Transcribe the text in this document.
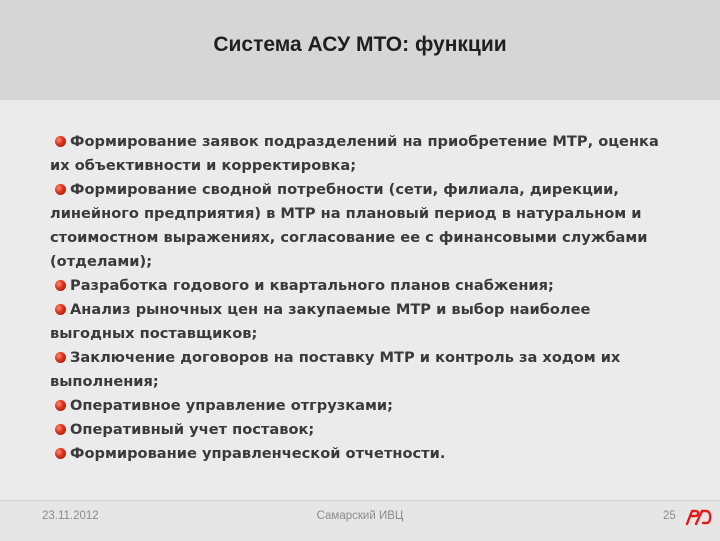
Система АСУ МТО: функции

Формирование заявок подразделений на приобретение МТР, оценка их объективности и корректировка;

Формирование сводной потребности (сети, филиала, дирекции, линейного предприятия) в МТР на плановый период в натуральном и стоимостном выражениях, согласование ее с финансовыми службами (отделами);

Разработка годового и квартального планов снабжения;

Анализ рыночных цен на закупаемые МТР и выбор наиболее выгодных поставщиков;

Заключение договоров на поставку МТР и контроль за ходом их выполнения;

Оперативное управление отгрузками;

Оперативный учет поставок;

Формирование управленческой отчетности.

23.11.2012	Самарский ИВЦ	25
